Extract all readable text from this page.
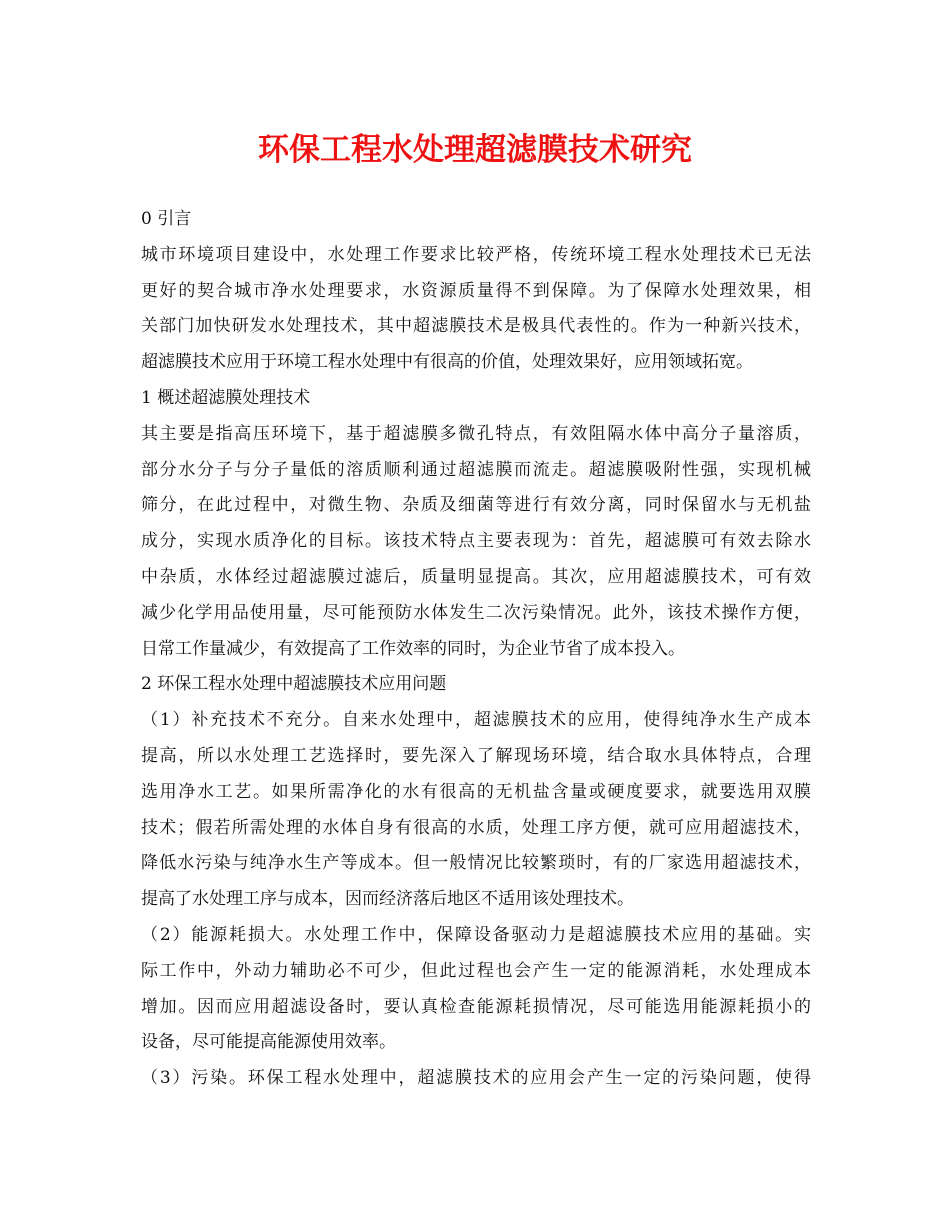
环保工程水处理超滤膜技术研究
0 引言
城市环境项目建设中，水处理工作要求比较严格，传统环境工程水处理技术已无法
更好的契合城市净水处理要求，水资源质量得不到保障。为了保障水处理效果，相
关部门加快研发水处理技术，其中超滤膜技术是极具代表性的。作为一种新兴技术，
超滤膜技术应用于环境工程水处理中有很高的价值，处理效果好，应用领域拓宽。
1 概述超滤膜处理技术
其主要是指高压环境下，基于超滤膜多微孔特点，有效阻隔水体中高分子量溶质，
部分水分子与分子量低的溶质顺利通过超滤膜而流走。超滤膜吸附性强，实现机械
筛分，在此过程中，对微生物、杂质及细菌等进行有效分离，同时保留水与无机盐
成分，实现水质净化的目标。该技术特点主要表现为：首先，超滤膜可有效去除水
中杂质，水体经过超滤膜过滤后，质量明显提高。其次，应用超滤膜技术，可有效
减少化学用品使用量，尽可能预防水体发生二次污染情况。此外，该技术操作方便，
日常工作量减少，有效提高了工作效率的同时，为企业节省了成本投入。
2 环保工程水处理中超滤膜技术应用问题
（1）补充技术不充分。自来水处理中，超滤膜技术的应用，使得纯净水生产成本
提高，所以水处理工艺选择时，要先深入了解现场环境，结合取水具体特点，合理
选用净水工艺。如果所需净化的水有很高的无机盐含量或硬度要求，就要选用双膜
技术；假若所需处理的水体自身有很高的水质，处理工序方便，就可应用超滤技术，
降低水污染与纯净水生产等成本。但一般情况比较繁琐时，有的厂家选用超滤技术，
提高了水处理工序与成本，因而经济落后地区不适用该处理技术。
（2）能源耗损大。水处理工作中，保障设备驱动力是超滤膜技术应用的基础。实
际工作中，外动力辅助必不可少，但此过程也会产生一定的能源消耗，水处理成本
增加。因而应用超滤设备时，要认真检查能源耗损情况，尽可能选用能源耗损小的
设备，尽可能提高能源使用效率。
（3）污染。环保工程水处理中，超滤膜技术的应用会产生一定的污染问题，使得
